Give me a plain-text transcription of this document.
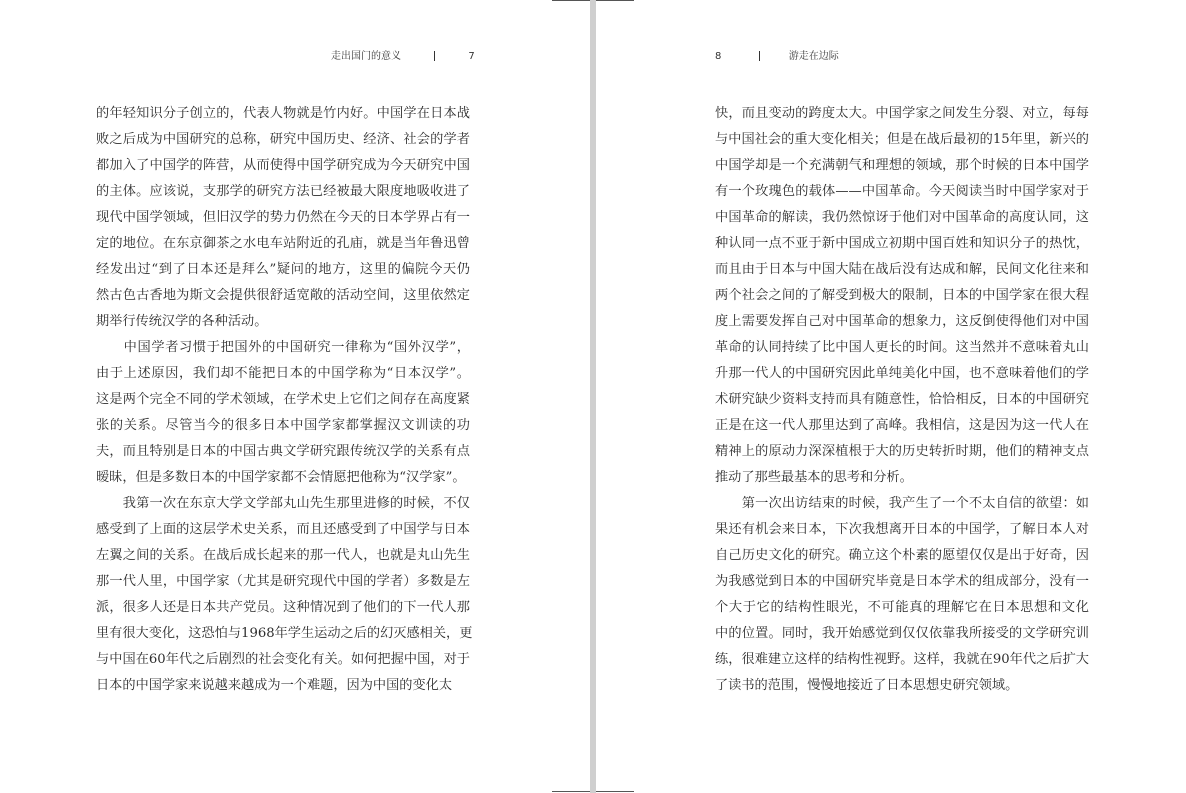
走出国门的意义	7
的年轻知识分子创立的，代表人物就是竹内好。中国学在日本战
败之后成为中国研究的总称，研究中国历史、经济、社会的学者
都加入了中国学的阵营，从而使得中国学研究成为今天研究中国
的主体。应该说，支那学的研究方法已经被最大限度地吸收进了
现代中国学领域，但旧汉学的势力仍然在今天的日本学界占有一
定的地位。在东京御茶之水电车站附近的孔庙，就是当年鲁迅曾
经发出过“到了日本还是拜么”疑问的地方，这里的偏院今天仍
然古色古香地为斯文会提供很舒适宽敞的活动空间，这里依然定
期举行传统汉学的各种活动。
　　中国学者习惯于把国外的中国研究一律称为“国外汉学”，
由于上述原因，我们却不能把日本的中国学称为“日本汉学”。
这是两个完全不同的学术领域，在学术史上它们之间存在高度紧
张的关系。尽管当今的很多日本中国学家都掌握汉文训读的功
夫，而且特别是日本的中国古典文学研究跟传统汉学的关系有点
暧昧，但是多数日本的中国学家都不会情愿把他称为“汉学家”。
　　我第一次在东京大学文学部丸山先生那里进修的时候，不仅
感受到了上面的这层学术史关系，而且还感受到了中国学与日本
左翼之间的关系。在战后成长起来的那一代人，也就是丸山先生
那一代人里，中国学家（尤其是研究现代中国的学者）多数是左
派，很多人还是日本共产党员。这种情况到了他们的下一代人那
里有很大变化，这恐怕与1968年学生运动之后的幻灭感相关，更
与中国在60年代之后剧烈的社会变化有关。如何把握中国，对于
日本的中国学家来说越来越成为一个难题，因为中国的变化太
8	游走在边际
快，而且变动的跨度太大。中国学家之间发生分裂、对立，每每
与中国社会的重大变化相关；但是在战后最初的15年里，新兴的
中国学却是一个充满朝气和理想的领域，那个时候的日本中国学
有一个玫瑰色的载体——中国革命。今天阅读当时中国学家对于
中国革命的解读，我仍然惊讶于他们对中国革命的高度认同，这
种认同一点不亚于新中国成立初期中国百姓和知识分子的热忱，
而且由于日本与中国大陆在战后没有达成和解，民间文化往来和
两个社会之间的了解受到极大的限制，日本的中国学家在很大程
度上需要发挥自己对中国革命的想象力，这反倒使得他们对中国
革命的认同持续了比中国人更长的时间。这当然并不意味着丸山
升那一代人的中国研究因此单纯美化中国，也不意味着他们的学
术研究缺少资料支持而具有随意性，恰恰相反，日本的中国研究
正是在这一代人那里达到了高峰。我相信，这是因为这一代人在
精神上的原动力深深植根于大的历史转折时期，他们的精神支点
推动了那些最基本的思考和分析。
　　第一次出访结束的时候，我产生了一个不太自信的欲望：如
果还有机会来日本，下次我想离开日本的中国学，了解日本人对
自己历史文化的研究。确立这个朴素的愿望仅仅是出于好奇，因
为我感觉到日本的中国研究毕竟是日本学术的组成部分，没有一
个大于它的结构性眼光，不可能真的理解它在日本思想和文化
中的位置。同时，我开始感觉到仅仅依靠我所接受的文学研究训
练，很难建立这样的结构性视野。这样，我就在90年代之后扩大
了读书的范围，慢慢地接近了日本思想史研究领域。
